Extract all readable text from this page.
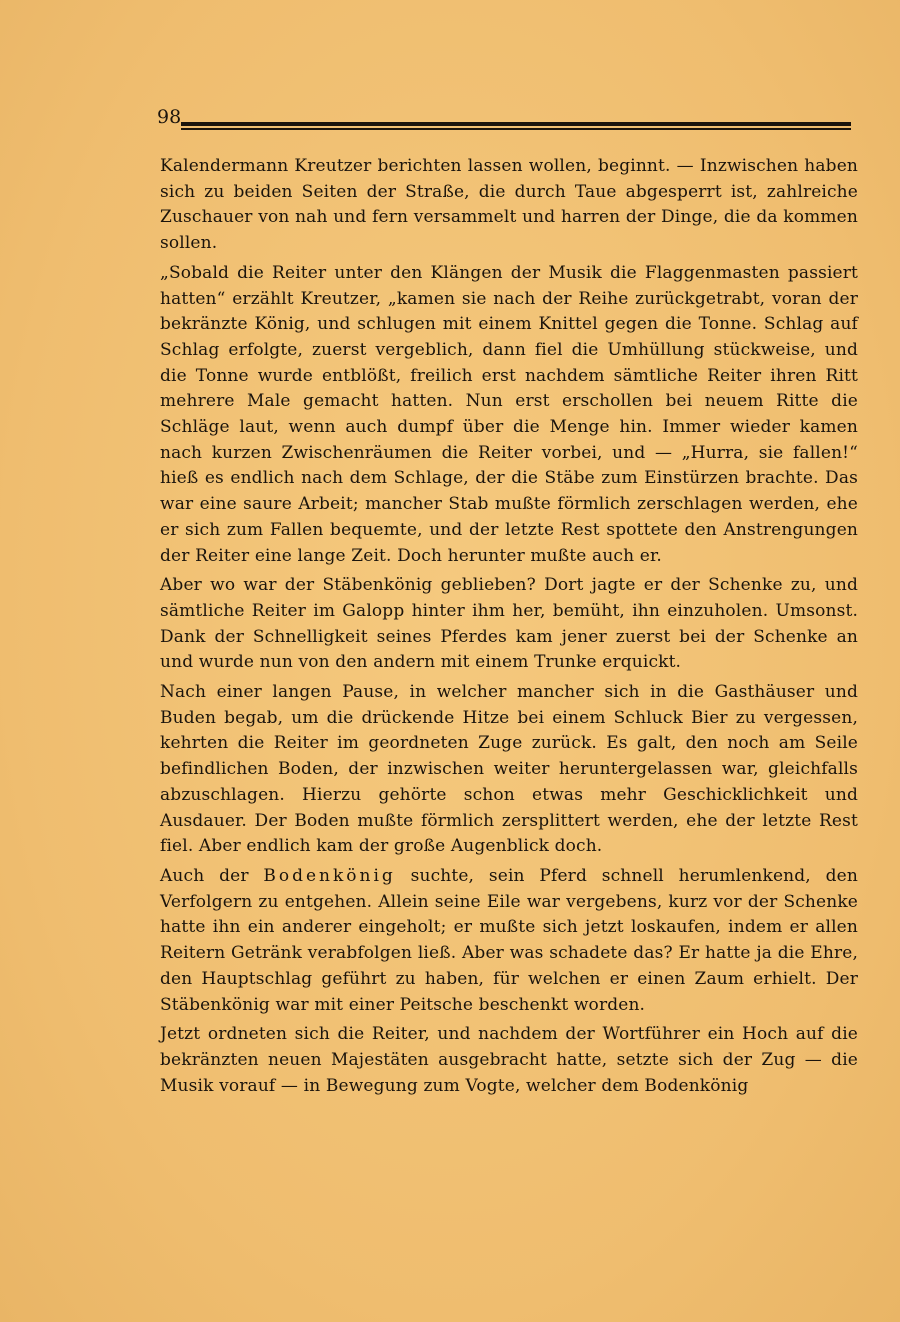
98

Kalendermann Kreutzer berichten lassen wollen, beginnt. — Inzwischen haben sich zu beiden Seiten der Straße, die durch Taue abgesperrt ist, zahlreiche Zuschauer von nah und fern versammelt und harren der Dinge, die da kommen sollen.

„Sobald die Reiter unter den Klängen der Musik die Flaggenmasten passiert hatten“ erzählt Kreutzer, „kamen sie nach der Reihe zurückgetrabt, voran der bekränzte König, und schlugen mit einem Knittel gegen die Tonne. Schlag auf Schlag erfolgte, zuerst vergeblich, dann fiel die Umhüllung stückweise, und die Tonne wurde entblößt, freilich erst nachdem sämtliche Reiter ihren Ritt mehrere Male gemacht hatten. Nun erst erschollen bei neuem Ritte die Schläge laut, wenn auch dumpf über die Menge hin. Immer wieder kamen nach kurzen Zwischenräumen die Reiter vorbei, und — „Hurra, sie fallen!“ hieß es endlich nach dem Schlage, der die Stäbe zum Einstürzen brachte. Das war eine saure Arbeit; mancher Stab mußte förmlich zerschlagen werden, ehe er sich zum Fallen bequemte, und der letzte Rest spottete den Anstrengungen der Reiter eine lange Zeit. Doch herunter mußte auch er.

Aber wo war der Stäbenkönig geblieben? Dort jagte er der Schenke zu, und sämtliche Reiter im Galopp hinter ihm her, bemüht, ihn einzuholen. Umsonst. Dank der Schnelligkeit seines Pferdes kam jener zuerst bei der Schenke an und wurde nun von den andern mit einem Trunke erquickt.

Nach einer langen Pause, in welcher mancher sich in die Gasthäuser und Buden begab, um die drückende Hitze bei einem Schluck Bier zu vergessen, kehrten die Reiter im geordneten Zuge zurück. Es galt, den noch am Seile befindlichen Boden, der inzwischen weiter heruntergelassen war, gleichfalls abzuschlagen. Hierzu gehörte schon etwas mehr Geschicklichkeit und Ausdauer. Der Boden mußte förmlich zersplittert werden, ehe der letzte Rest fiel. Aber endlich kam der große Augenblick doch.

Auch der Bodenkönig suchte, sein Pferd schnell herumlenkend, den Verfolgern zu entgehen. Allein seine Eile war vergebens, kurz vor der Schenke hatte ihn ein anderer eingeholt; er mußte sich jetzt loskaufen, indem er allen Reitern Getränk verabfolgen ließ. Aber was schadete das? Er hatte ja die Ehre, den Hauptschlag geführt zu haben, für welchen er einen Zaum erhielt. Der Stäbenkönig war mit einer Peitsche beschenkt worden.

Jetzt ordneten sich die Reiter, und nachdem der Wortführer ein Hoch auf die bekränzten neuen Majestäten ausgebracht hatte, setzte sich der Zug — die Musik vorauf — in Bewegung zum Vogte, welcher dem Bodenkönig
